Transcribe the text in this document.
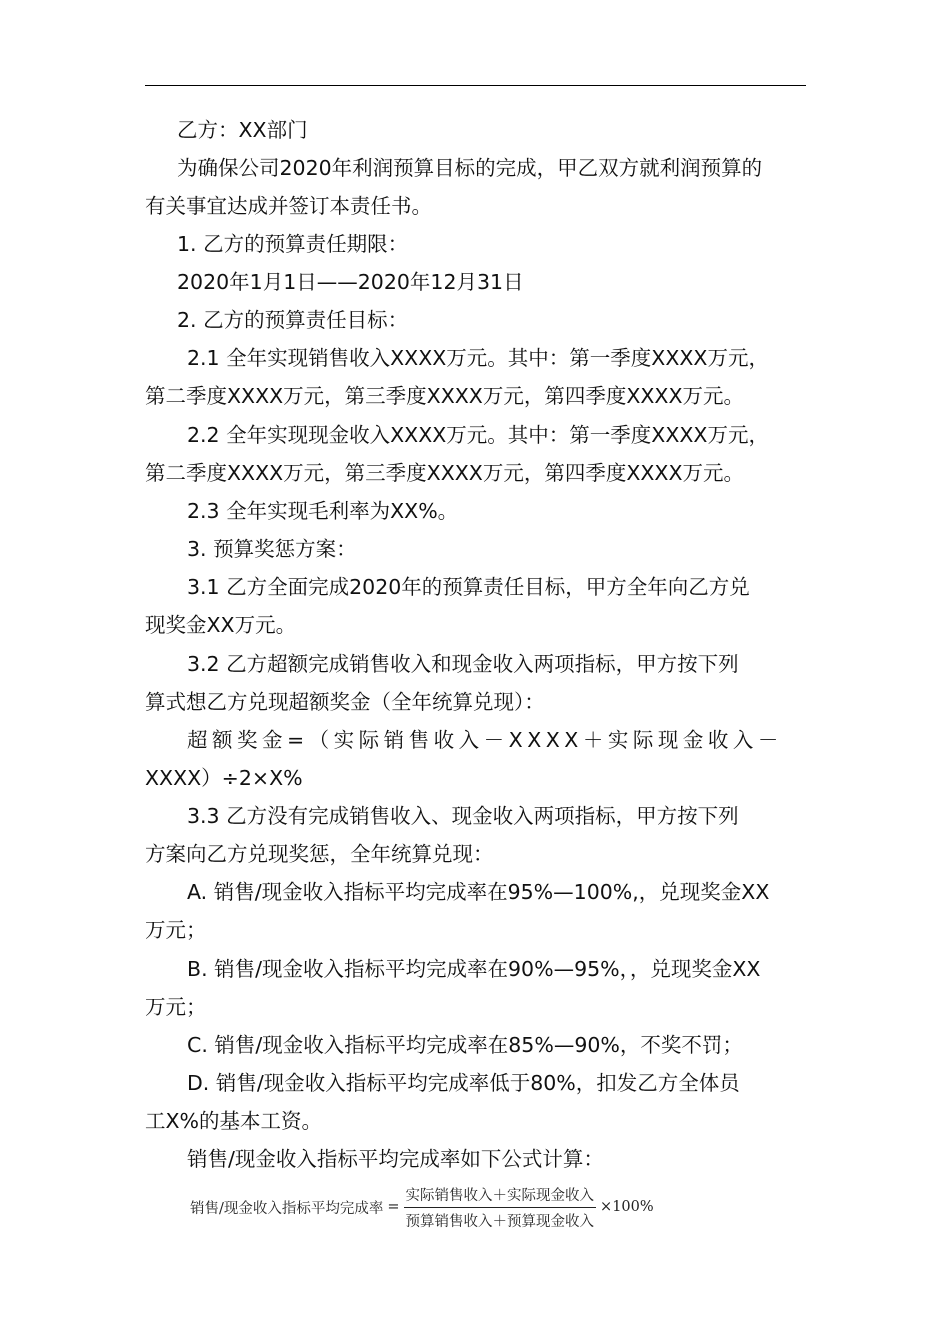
乙方：XX部门
为确保公司2020年利润预算目标的完成，甲乙双方就利润预算的
有关事宜达成并签订本责任书。
1. 乙方的预算责任期限：
2020年1月1日——2020年12月31日
2. 乙方的预算责任目标：
2.1 全年实现销售收入XXXX万元。其中：第一季度XXXX万元，
第二季度XXXX万元，第三季度XXXX万元，第四季度XXXX万元。
2.2 全年实现现金收入XXXX万元。其中：第一季度XXXX万元，
第二季度XXXX万元，第三季度XXXX万元，第四季度XXXX万元。
2.3 全年实现毛利率为XX%。
3. 预算奖惩方案：
3.1 乙方全面完成2020年的预算责任目标，甲方全年向乙方兑
现奖金XX万元。
3.2 乙方超额完成销售收入和现金收入两项指标，甲方按下列
算式想乙方兑现超额奖金（全年统算兑现）：
超额奖金=（实际销售收入－XXXX＋实际现金收入－
XXXX）÷2×X%
3.3 乙方没有完成销售收入、现金收入两项指标，甲方按下列
方案向乙方兑现奖惩，全年统算兑现：
A. 销售/现金收入指标平均完成率在95%—100%,，兑现奖金XX
万元；
B. 销售/现金收入指标平均完成率在90%—95%，，兑现奖金XX
万元；
C. 销售/现金收入指标平均完成率在85%—90%，不奖不罚；
D. 销售/现金收入指标平均完成率低于80%，扣发乙方全体员
工X%的基本工资。
销售/现金收入指标平均完成率如下公式计算：
销售/现金收入指标平均完成率 = $\frac{\text{实际销售收入＋实际现金收入}}{\text{预算销售收入＋预算现金收入}} \times 100\%$
